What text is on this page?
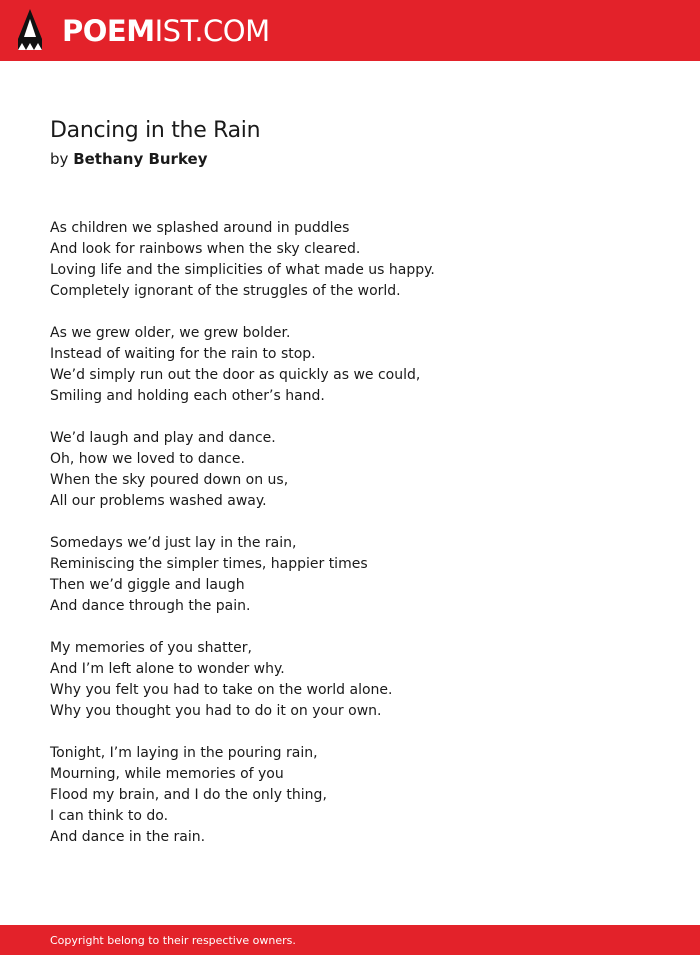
POEMIST.COM
Dancing in the Rain
by Bethany Burkey
As children we splashed around in puddles
And look for rainbows when the sky cleared.
Loving life and the simplicities of what made us happy.
Completely ignorant of the struggles of the world.
As we grew older, we grew bolder.
Instead of waiting for the rain to stop.
We’d simply run out the door as quickly as we could,
Smiling and holding each other’s hand.
We’d laugh and play and dance.
Oh, how we loved to dance.
When the sky poured down on us,
All our problems washed away.
Somedays we’d just lay in the rain,
Reminiscing the simpler times, happier times
Then we’d giggle and laugh
And dance through the pain.
My memories of you shatter,
And I’m left alone to wonder why.
Why you felt you had to take on the world alone.
Why you thought you had to do it on your own.
Tonight, I’m laying in the pouring rain,
Mourning, while memories of you
Flood my brain, and I do the only thing,
I can think to do.
And dance in the rain.
Copyright belong to their respective owners.
